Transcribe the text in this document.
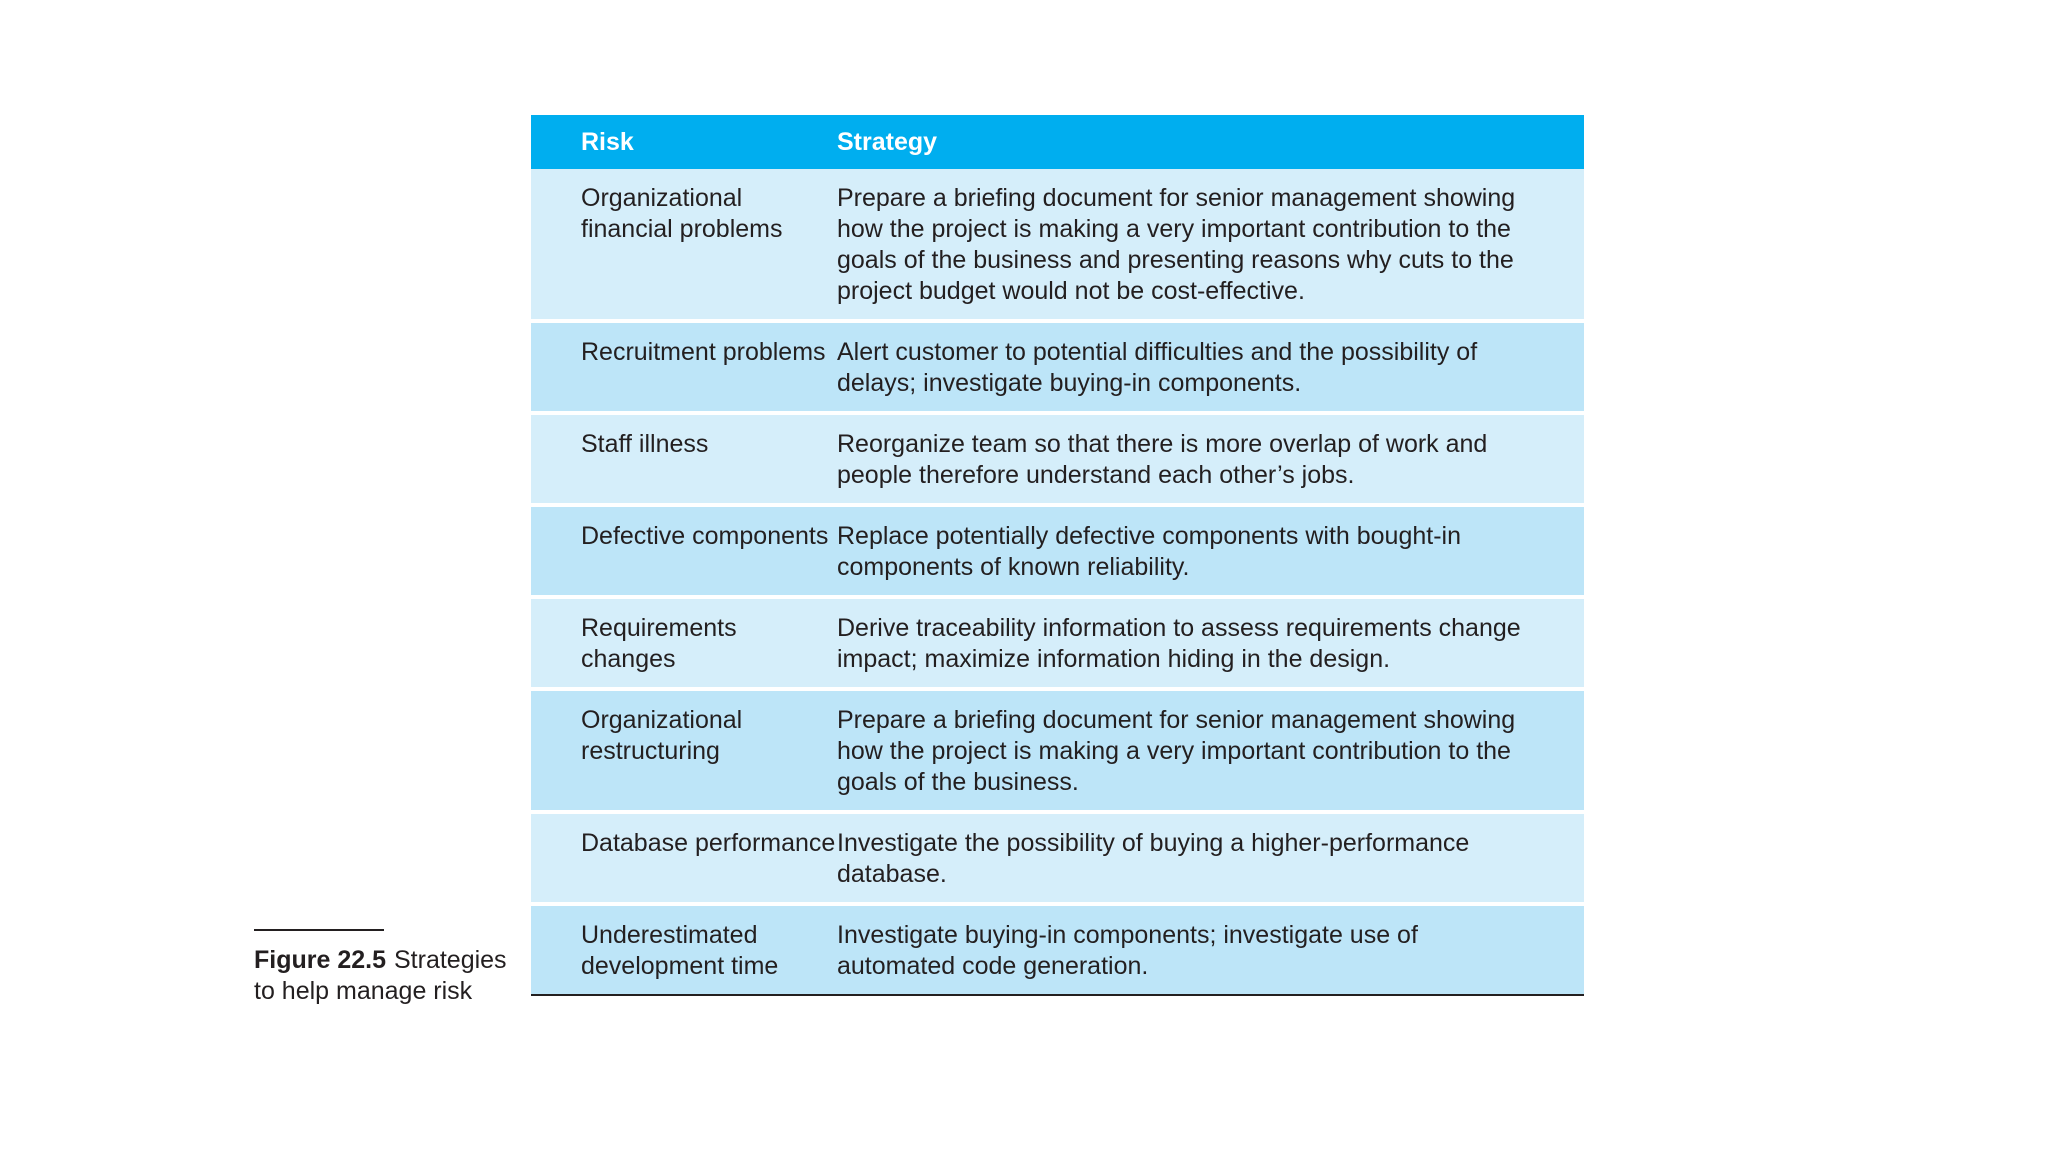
Risk	Strategy
Organizational financial problems	Prepare a briefing document for senior management showing how the project is making a very important contribution to the goals of the business and presenting reasons why cuts to the project budget would not be cost-effective.
Recruitment problems	Alert customer to potential difficulties and the possibility of delays; investigate buying-in components.
Staff illness	Reorganize team so that there is more overlap of work and people therefore understand each other’s jobs.
Defective components	Replace potentially defective components with bought-in components of known reliability.
Requirements changes	Derive traceability information to assess requirements change impact; maximize information hiding in the design.
Organizational restructuring	Prepare a briefing document for senior management showing how the project is making a very important contribution to the goals of the business.
Database performance	Investigate the possibility of buying a higher-performance database.
Underestimated development time	Investigate buying-in components; investigate use of automated code generation.
Figure 22.5 Strategies to help manage risk
